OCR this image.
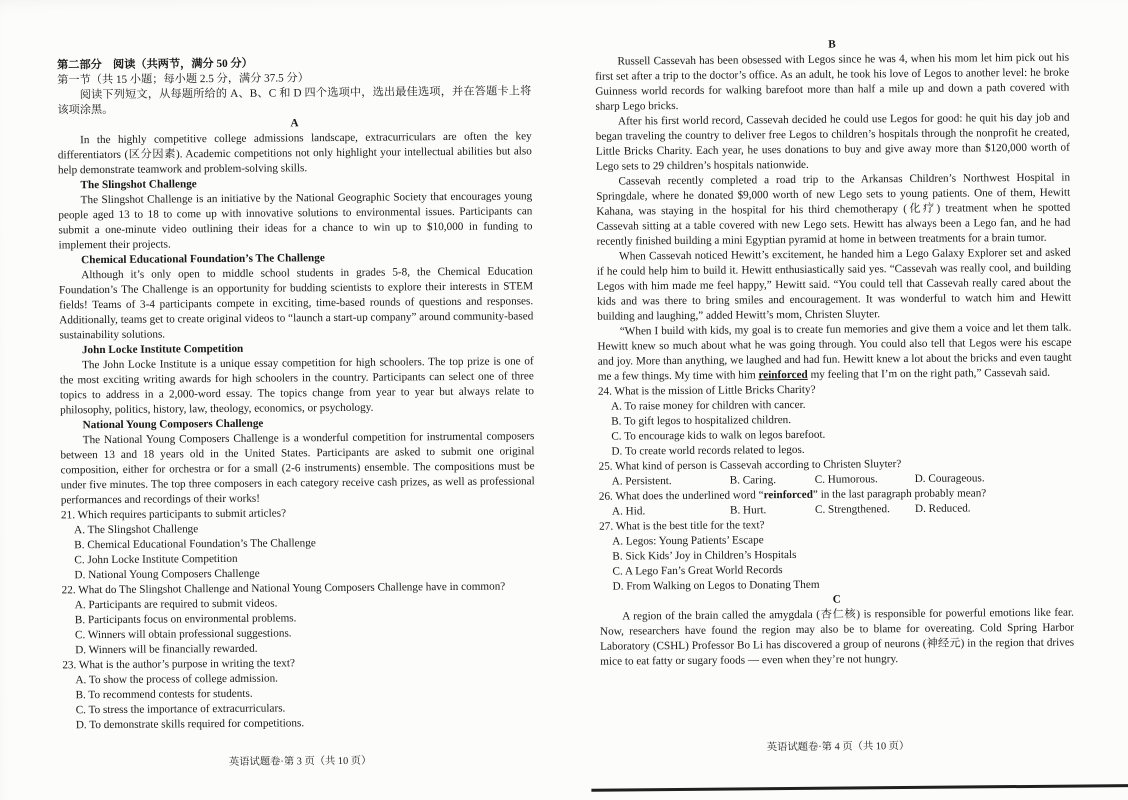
第二部分　阅读（共两节，满分 50 分）
第一节（共 15 小题；每小题 2.5 分，满分 37.5 分）
阅读下列短文，从每题所给的 A、B、C 和 D 四个选项中，选出最佳选项，并在答题卡上将该项涂黑。
A

In the highly competitive college admissions landscape, extracurriculars are often the key differentiators (区分因素). Academic competitions not only highlight your intellectual abilities but also help demonstrate teamwork and problem-solving skills.

The Slingshot Challenge

The Slingshot Challenge is an initiative by the National Geographic Society that encourages young people aged 13 to 18 to come up with innovative solutions to environmental issues. Participants can submit a one-minute video outlining their ideas for a chance to win up to $10,000 in funding to implement their projects.

Chemical Educational Foundation’s The Challenge

Although it’s only open to middle school students in grades 5-8, the Chemical Education Foundation’s The Challenge is an opportunity for budding scientists to explore their interests in STEM fields! Teams of 3-4 participants compete in exciting, time-based rounds of questions and responses. Additionally, teams get to create original videos to “launch a start-up company” around community-based sustainability solutions.

John Locke Institute Competition

The John Locke Institute is a unique essay competition for high schoolers. The top prize is one of the most exciting writing awards for high schoolers in the country. Participants can select one of three topics to address in a 2,000-word essay. The topics change from year to year but always relate to philosophy, politics, history, law, theology, economics, or psychology.

National Young Composers Challenge

The National Young Composers Challenge is a wonderful competition for instrumental composers between 13 and 18 years old in the United States. Participants are asked to submit one original composition, either for orchestra or for a small (2-6 instruments) ensemble. The compositions must be under five minutes. The top three composers in each category receive cash prizes, as well as professional performances and recordings of their works!

21. Which requires participants to submit articles?
A. The Slingshot Challenge
B. Chemical Educational Foundation’s The Challenge
C. John Locke Institute Competition
D. National Young Composers Challenge
22. What do The Slingshot Challenge and National Young Composers Challenge have in common?
A. Participants are required to submit videos.
B. Participants focus on environmental problems.
C. Winners will obtain professional suggestions.
D. Winners will be financially rewarded.
23. What is the author’s purpose in writing the text?
A. To show the process of college admission.
B. To recommend contests for students.
C. To stress the importance of extracurriculars.
D. To demonstrate skills required for competitions.
B

Russell Cassevah has been obsessed with Legos since he was 4, when his mom let him pick out his first set after a trip to the doctor’s office. As an adult, he took his love of Legos to another level: he broke Guinness world records for walking barefoot more than half a mile up and down a path covered with sharp Lego bricks.

After his first world record, Cassevah decided he could use Legos for good: he quit his day job and began traveling the country to deliver free Legos to children’s hospitals through the nonprofit he created, Little Bricks Charity. Each year, he uses donations to buy and give away more than $120,000 worth of Lego sets to 29 children’s hospitals nationwide.

Cassevah recently completed a road trip to the Arkansas Children’s Northwest Hospital in Springdale, where he donated $9,000 worth of new Lego sets to young patients. One of them, Hewitt Kahana, was staying in the hospital for his third chemotherapy (化疗) treatment when he spotted Cassevah sitting at a table covered with new Lego sets. Hewitt has always been a Lego fan, and he had recently finished building a mini Egyptian pyramid at home in between treatments for a brain tumor.

When Cassevah noticed Hewitt’s excitement, he handed him a Lego Galaxy Explorer set and asked if he could help him to build it. Hewitt enthusiastically said yes. “Cassevah was really cool, and building Legos with him made me feel happy,” Hewitt said. “You could tell that Cassevah really cared about the kids and was there to bring smiles and encouragement. It was wonderful to watch him and Hewitt building and laughing,” added Hewitt’s mom, Christen Sluyter.

“When I build with kids, my goal is to create fun memories and give them a voice and let them talk. Hewitt knew so much about what he was going through. You could also tell that Legos were his escape and joy. More than anything, we laughed and had fun. Hewitt knew a lot about the bricks and even taught me a few things. My time with him reinforced my feeling that I’m on the right path,” Cassevah said.

24. What is the mission of Little Bricks Charity?
A. To raise money for children with cancer.
B. To gift legos to hospitalized children.
C. To encourage kids to walk on legos barefoot.
D. To create world records related to legos.
25. What kind of person is Cassevah according to Christen Sluyter?
A. Persistent.	B. Caring.	C. Humorous.	D. Courageous.
26. What does the underlined word “reinforced” in the last paragraph probably mean?
A. Hid.	B. Hurt.	C. Strengthened.	D. Reduced.
27. What is the best title for the text?
A. Legos: Young Patients’ Escape
B. Sick Kids’ Joy in Children’s Hospitals
C. A Lego Fan’s Great World Records
D. From Walking on Legos to Donating Them
C

A region of the brain called the amygdala (杏仁核) is responsible for powerful emotions like fear. Now, researchers have found the region may also be to blame for overeating. Cold Spring Harbor Laboratory (CSHL) Professor Bo Li has discovered a group of neurons (神经元) in the region that drives mice to eat fatty or sugary foods — even when they’re not hungry.

英语试题卷·第 3 页（共 10 页）
英语试题卷·第 4 页（共 10 页）
